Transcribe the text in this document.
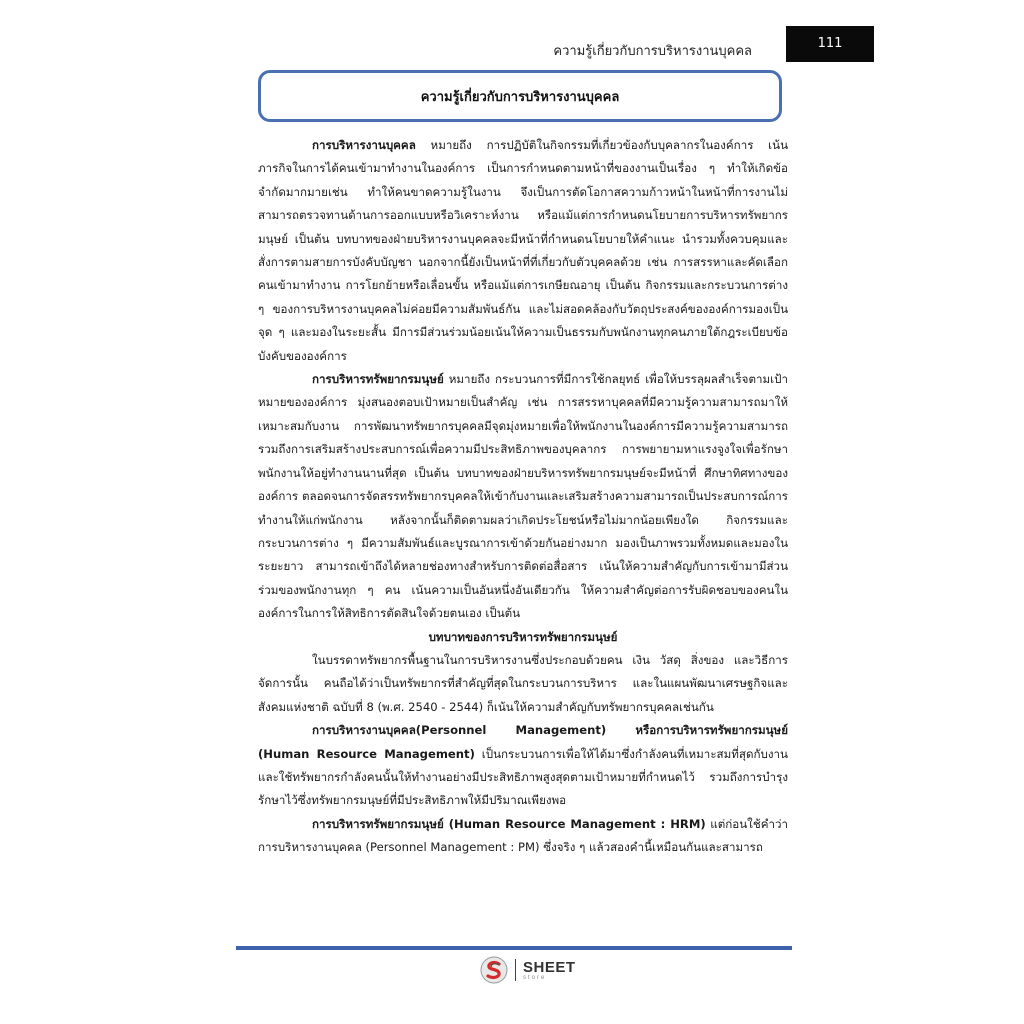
ความรู้เกี่ยวกับการบริหารงานบุคคล
111
ความรู้เกี่ยวกับการบริหารงานบุคคล

การบริหารงานบุคคล หมายถึง การปฏิบัติในกิจกรรมที่เกี่ยวข้องกับบุคลากรในองค์การ เน้นภารกิจในการได้คนเข้ามาทำงานในองค์การ เป็นการกำหนดตามหน้าที่ของงานเป็นเรื่อง ๆ ทำให้เกิดข้อจำกัดมากมายเช่น ทำให้คนขาดความรู้ในงาน จึงเป็นการตัดโอกาสความก้าวหน้าในหน้าที่การงานไม่สามารถตรวจทานด้านการออกแบบหรือวิเคราะห์งาน หรือแม้แต่การกำหนดนโยบายการบริหารทรัพยากรมนุษย์ เป็นต้น บทบาทของฝ่ายบริหารงานบุคคลจะมีหน้าที่กำหนดนโยบายให้คำแนะ นำรวมทั้งควบคุมและสั่งการตามสายการบังคับบัญชา นอกจากนี้ยังเป็นหน้าที่ที่เกี่ยวกับตัวบุคคลด้วย เช่น การสรรหาและคัดเลือกคนเข้ามาทำงาน การโยกย้ายหรือเลื่อนขั้น หรือแม้แต่การเกษียณอายุ เป็นต้น กิจกรรมและกระบวนการต่าง ๆ ของการบริหารงานบุคคลไม่ค่อยมีความสัมพันธ์กัน และไม่สอดคล้องกับวัตถุประสงค์ขององค์การมองเป็นจุด ๆ และมองในระยะสั้น มีการมีส่วนร่วมน้อยเน้นให้ความเป็นธรรมกับพนักงานทุกคนภายใต้กฎระเบียบข้อบังคับขององค์การ

การบริหารทรัพยากรมนุษย์ หมายถึง กระบวนการที่มีการใช้กลยุทธ์ เพื่อให้บรรลุผลสำเร็จตามเป้าหมายขององค์การ มุ่งสนองตอบเป้าหมายเป็นสำคัญ เช่น การสรรหาบุคคลที่มีความรู้ความสามารถมาให้เหมาะสมกับงาน การพัฒนาทรัพยากรบุคคลมีจุดมุ่งหมายเพื่อให้พนักงานในองค์การมีความรู้ความสามารถ รวมถึงการเสริมสร้างประสบการณ์เพื่อความมีประสิทธิภาพของบุคลากร การพยายามหาแรงจูงใจเพื่อรักษาพนักงานให้อยู่ทำงานนานที่สุด เป็นต้น บทบาทของฝ่ายบริหารทรัพยากรมนุษย์จะมีหน้าที่ ศึกษาทิศทางขององค์การ ตลอดจนการจัดสรรทรัพยากรบุคคลให้เข้ากับงานและเสริมสร้างความสามารถเป็นประสบการณ์การทำงานให้แก่พนักงาน หลังจากนั้นก็ติดตามผลว่าเกิดประโยชน์หรือไม่มากน้อยเพียงใด กิจกรรมและกระบวนการต่าง ๆ มีความสัมพันธ์และบูรณาการเข้าด้วยกันอย่างมาก มองเป็นภาพรวมทั้งหมดและมองในระยะยาว สามารถเข้าถึงได้หลายช่องทางสำหรับการติดต่อสื่อสาร เน้นให้ความสำคัญกับการเข้ามามีส่วนร่วมของพนักงานทุก ๆ คน เน้นความเป็นอันหนึ่งอันเดียวกัน ให้ความสำคัญต่อการรับผิดชอบของคนในองค์การในการให้สิทธิการตัดสินใจด้วยตนเอง เป็นต้น

บทบาทของการบริหารทรัพยากรมนุษย์

ในบรรดาทรัพยากรพื้นฐานในการบริหารงานซึ่งประกอบด้วยคน เงิน วัสดุ สิ่งของ และวิธีการจัดการนั้น คนถือได้ว่าเป็นทรัพยากรที่สำคัญที่สุดในกระบวนการบริหาร และในแผนพัฒนาเศรษฐกิจและสังคมแห่งชาติ ฉบับที่ 8 (พ.ศ. 2540 - 2544) ก็เน้นให้ความสำคัญกับทรัพยากรบุคคลเช่นกัน

การบริหารงานบุคคล(Personnel Management) หรือการบริหารทรัพยากรมนุษย์ (Human Resource Management) เป็นกระบวนการเพื่อให้ได้มาซึ่งกำลังคนที่เหมาะสมที่สุดกับงาน และใช้ทรัพยากรกำลังคนนั้นให้ทำงานอย่างมีประสิทธิภาพสูงสุดตามเป้าหมายที่กำหนดไว้ รวมถึงการบำรุงรักษาไว้ซึ่งทรัพยากรมนุษย์ที่มีประสิทธิภาพให้มีปริมาณเพียงพอ

การบริหารทรัพยากรมนุษย์ (Human Resource Management : HRM) แต่ก่อนใช้คำว่า การบริหารงานบุคคล (Personnel Management : PM) ซึ่งจริง ๆ แล้วสองคำนี้เหมือนกันและสามารถ

SHEET
store
